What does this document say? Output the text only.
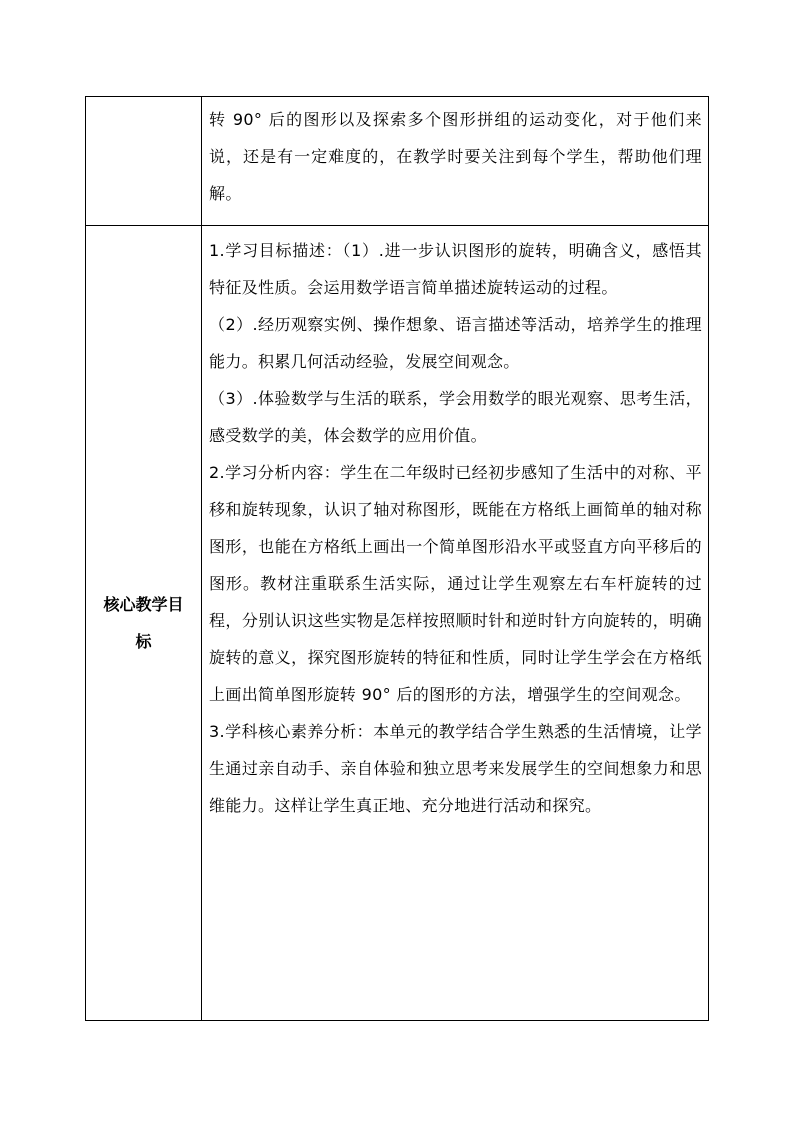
	转 90° 后的图形以及探索多个图形拼组的运动变化，对于他们来说，还是有一定难度的，在教学时要关注到每个学生，帮助他们理解。

核心教学目标	1.学习目标描述：（1）.进一步认识图形的旋转，明确含义，感悟其特征及性质。会运用数学语言简单描述旋转运动的过程。

（2）.经历观察实例、操作想象、语言描述等活动，培养学生的推理能力。积累几何活动经验，发展空间观念。

（3）.体验数学与生活的联系，学会用数学的眼光观察、思考生活，感受数学的美，体会数学的应用价值。

2.学习分析内容：学生在二年级时已经初步感知了生活中的对称、平移和旋转现象，认识了轴对称图形，既能在方格纸上画简单的轴对称图形，也能在方格纸上画出一个简单图形沿水平或竖直方向平移后的图形。教材注重联系生活实际，通过让学生观察左右车杆旋转的过程，分别认识这些实物是怎样按照顺时针和逆时针方向旋转的，明确旋转的意义，探究图形旋转的特征和性质，同时让学生学会在方格纸上画出简单图形旋转 90° 后的图形的方法，增强学生的空间观念。

3.学科核心素养分析：本单元的教学结合学生熟悉的生活情境，让学生通过亲自动手、亲自体验和独立思考来发展学生的空间想象力和思维能力。这样让学生真正地、充分地进行活动和探究。
